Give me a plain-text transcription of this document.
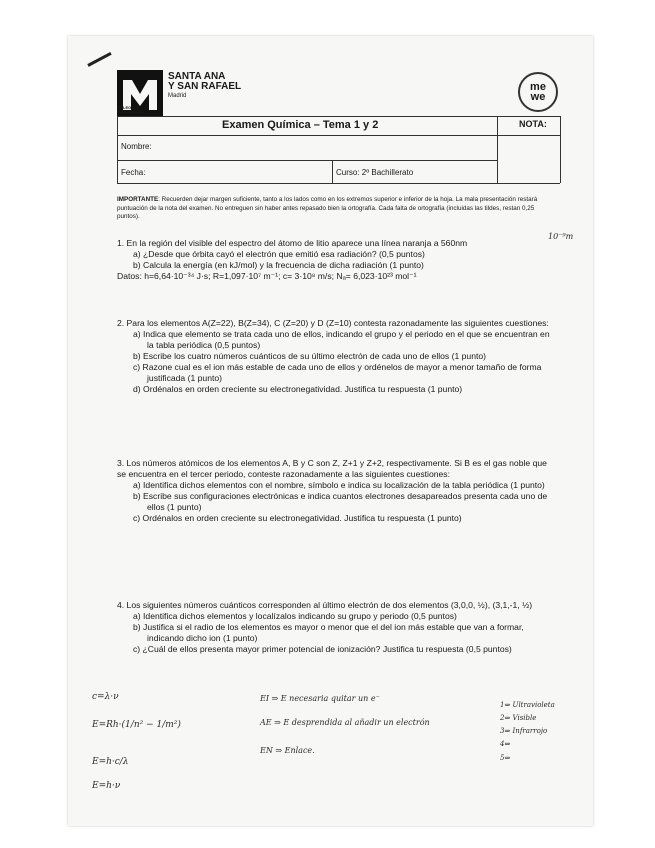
COLEGIOS MARIANISTAS
SANTA ANA
Y SAN RAFAEL
Madrid
me
we
Examen Química – Tema 1 y 2	NOTA:
Nombre:
Fecha:	Curso: 2º Bachillerato
IMPORTANTE: Recuerden dejar margen suficiente, tanto a los lados como en los extremos superior e inferior de la hoja. La mala presentación restará puntuación de la nota del examen. No entreguen sin haber antes repasado bien la ortografía. Cada falta de ortografía (incluidas las tildes, restan 0,25 puntos).

1. En la región del visible del espectro del átomo de litio aparece una línea naranja a 560nm

a) ¿Desde que órbita cayó el electrón que emitió esa radiación? (0,5 puntos)

b) Calcula la energía (en kJ/mol) y la frecuencia de dicha radiación (1 punto)

Datos: h=6,64·10⁻³⁴ J·s; R=1,097·10⁷ m⁻¹; c= 3·10⁸ m/s; Nₐ= 6,023·10²³ mol⁻¹

2. Para los elementos A(Z=22), B(Z=34), C (Z=20) y D (Z=10) contesta razonadamente las siguientes cuestiones:

a) Indica que elemento se trata cada uno de ellos, indicando el grupo y el periodo en el que se encuentran en la tabla periódica (0,5 puntos)

b) Escribe los cuatro números cuánticos de su último electrón de cada uno de ellos (1 punto)

c) Razone cual es el ion más estable de cada uno de ellos y ordénelos de mayor a menor tamaño de forma justificada (1 punto)

d) Ordénalos en orden creciente su electronegatividad. Justifica tu respuesta (1 punto)

3. Los números atómicos de los elementos A, B y C son Z, Z+1 y Z+2, respectivamente. Si B es el gas noble que se encuentra en el tercer periodo, conteste razonadamente a las siguientes cuestiones:

a) Identifica dichos elementos con el nombre, símbolo e indica su localización de la tabla periódica (1 punto)

b) Escribe sus configuraciones electrónicas e indica cuantos electrones desapareados presenta cada uno de ellos (1 punto)

c) Ordénalos en orden creciente su electronegatividad. Justifica tu respuesta (1 punto)

4. Los siguientes números cuánticos corresponden al último electrón de dos elementos (3,0,0, ½), (3,1,-1, ½)

a) Identifica dichos elementos y localízalos indicando su grupo y periodo (0,5 puntos)

b) Justifica si el radio de los elementos es mayor o menor que el del ion más estable que van a formar, indicando dicho ion (1 punto)

c) ¿Cuál de ellos presenta mayor primer potencial de ionización? Justifica tu respuesta (0,5 puntos)

10⁻⁹m
c=λ·ν
E=Rh·(1/n² − 1/m²)
E=h·c/λ
E=h·ν
EI ⇒ E necesaria quitar un e⁻
AE ⇒ E desprendida al añadir un electrón
EN ⇒ Enlace.
1⇒ Ultravioleta
2⇒ Visible
3⇒ Infrarrojo
4⇒
5⇒
